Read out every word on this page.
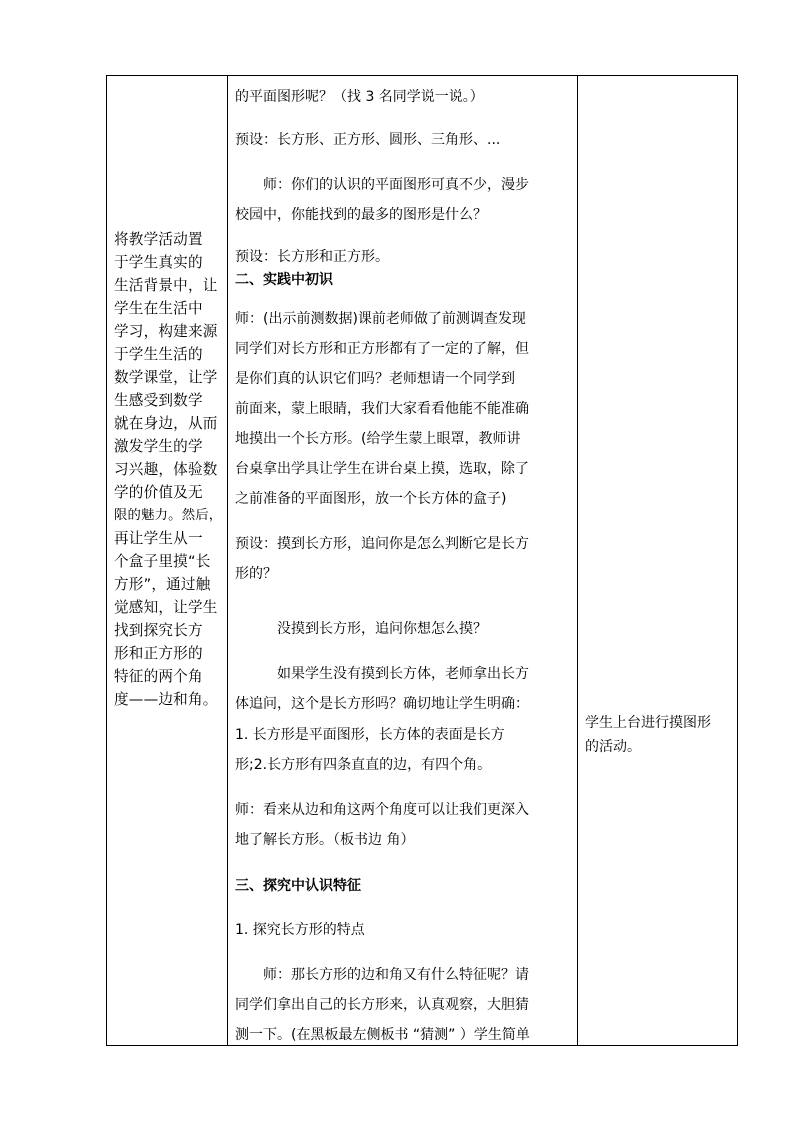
将教学活动置
于学生真实的
生活背景中，让
学生在生活中
学习，构建来源
于学生生活的
数学课堂，让学
生感受到数学
就在身边，从而
激发学生的学
习兴趣，体验数
学的价值及无
限的魅力。然后，
再让学生从一
个盒子里摸“长
方形”，通过触
觉感知，让学生
找到探究长方
形和正方形的
特征的两个角
度——边和角。
的平面图形呢？（找 3 名同学说一说。）
预设：长方形、正方形、圆形、三角形、...
　　师：你们的认识的平面图形可真不少，漫步
校园中，你能找到的最多的图形是什么？
预设：长方形和正方形。
二、实践中初识
师：(出示前测数据)课前老师做了前测调查发现
同学们对长方形和正方形都有了一定的了解，但
是你们真的认识它们吗？老师想请一个同学到
前面来，蒙上眼睛，我们大家看看他能不能准确
地摸出一个长方形。(给学生蒙上眼罩，教师讲
台桌拿出学具让学生在讲台桌上摸，选取，除了
之前准备的平面图形，放一个长方体的盒子)
预设：摸到长方形，追问你是怎么判断它是长方
形的？
　　　没摸到长方形，追问你想怎么摸？
　　　如果学生没有摸到长方体，老师拿出长方
体追问，这个是长方形吗？确切地让学生明确：
1. 长方形是平面图形，长方体的表面是长方
形;2.长方形有四条直直的边，有四个角。
师：看来从边和角这两个角度可以让我们更深入
地了解长方形。（板书边 角）
三、探究中认识特征
1. 探究长方形的特点
　　师：那长方形的边和角又有什么特征呢？请
同学们拿出自己的长方形来，认真观察，大胆猜
测一下。(在黑板最左侧板书 “猜测” ）学生简单
学生上台进行摸图形
的活动。
